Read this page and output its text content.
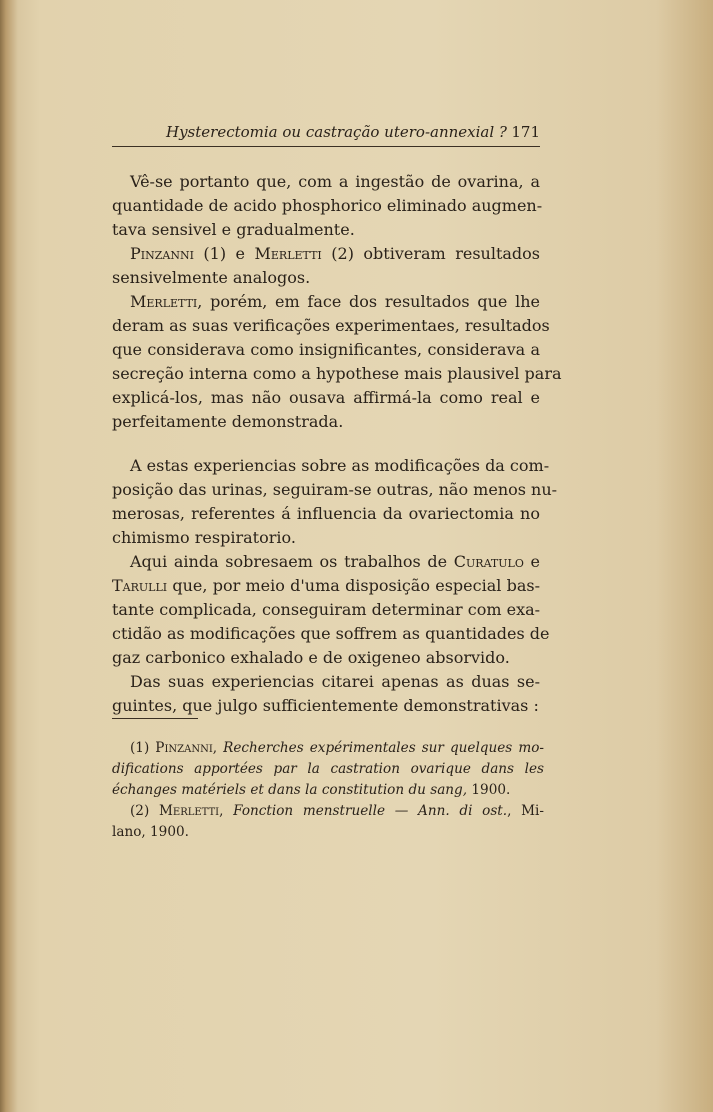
Hysterectomia ou castração utero-annexial ? 171
Vê-se portanto que, com a ingestão de ovarina, a
quantidade de acido phosphorico eliminado augmen-
tava sensivel e gradualmente.
Pinzanni (1) e Merletti (2) obtiveram resultados
sensivelmente analogos.
Merletti, porém, em face dos resultados que lhe
deram as suas verificações experimentaes, resultados
que considerava como insignificantes, considerava a
secreção interna como a hypothese mais plausivel para
explicá-los, mas não ousava affirmá-la como real e
perfeitamente demonstrada.
A estas experiencias sobre as modificações da com-
posição das urinas, seguiram-se outras, não menos nu-
merosas, referentes á influencia da ovariectomia no
chimismo respiratorio.
Aqui ainda sobresaem os trabalhos de Curatulo e
Tarulli que, por meio d'uma disposição especial bas-
tante complicada, conseguiram determinar com exa-
ctidão as modificações que soffrem as quantidades de
gaz carbonico exhalado e de oxigeneo absorvido.
Das suas experiencias citarei apenas as duas se-
guintes, que julgo sufficientemente demonstrativas :
(1) Pinzanni, Recherches expérimentales sur quelques mo-
difications apportées par la castration ovarique dans les
échanges matériels et dans la constitution du sang, 1900.
(2) Merletti, Fonction menstruelle — Ann. di ost., Mi-
lano, 1900.
